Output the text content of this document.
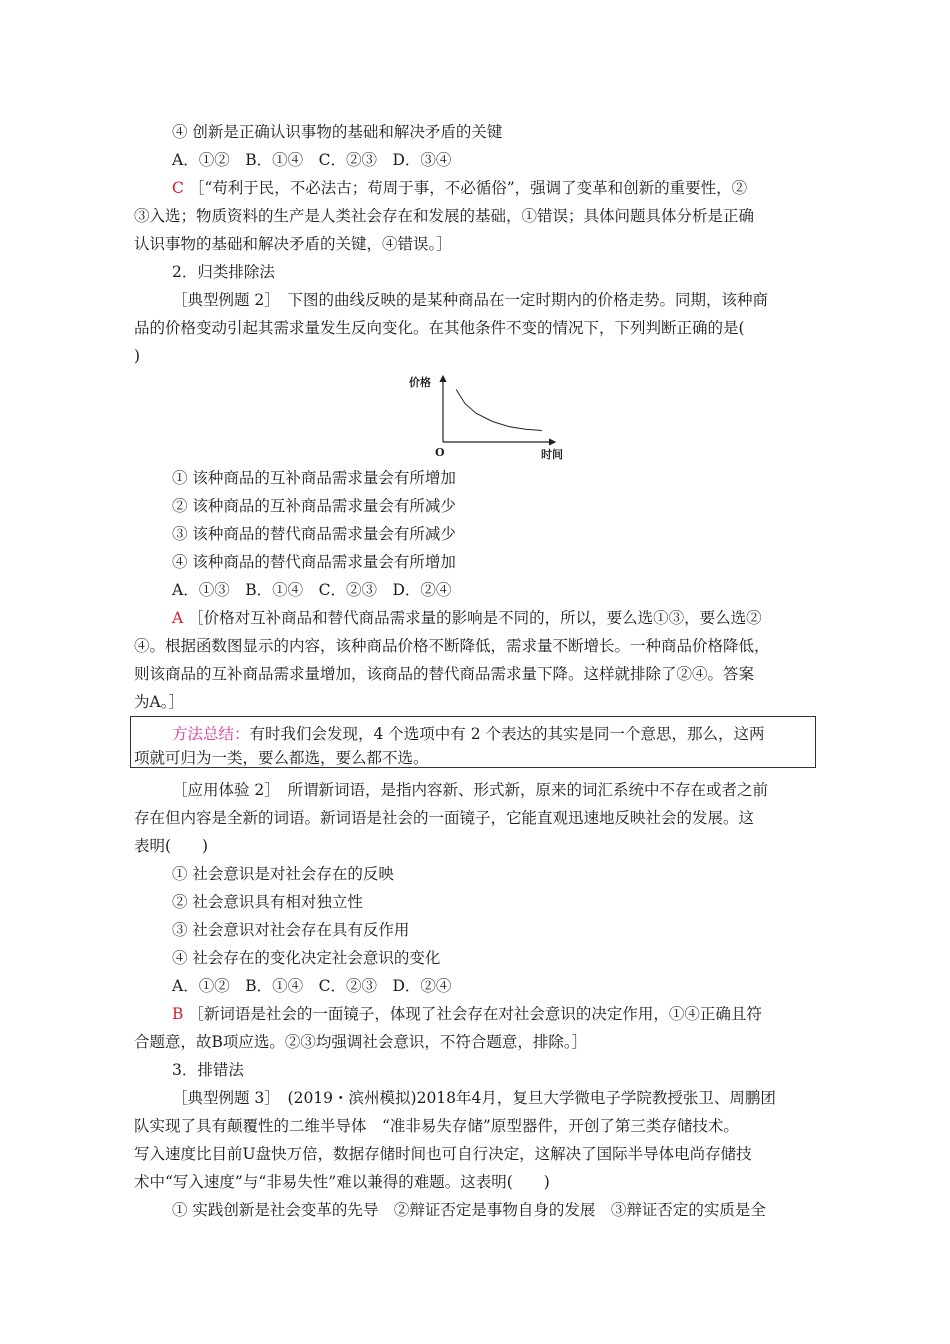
④ 创新是正确认识事物的基础和解决矛盾的关键
A．①②　B．①④　C．②③　D．③④
C ［“苟利于民，不必法古；苟周于事，不必循俗”，强调了变革和创新的重要性，②
③入选；物质资料的生产是人类社会存在和发展的基础，①错误；具体问题具体分析是正确
认识事物的基础和解决矛盾的关键，④错误。］
2．归类排除法
［典型例题 2］　下图的曲线反映的是某种商品在一定时期内的价格走势。同期，该种商
品的价格变动引起其需求量发生反向变化。在其他条件不变的情况下，下列判断正确的是(
)
价格
时间
O
① 该种商品的互补商品需求量会有所增加
② 该种商品的互补商品需求量会有所减少
③ 该种商品的替代商品需求量会有所减少
④ 该种商品的替代商品需求量会有所增加
A．①③　B．①④　C．②③　D．②④
A ［价格对互补商品和替代商品需求量的影响是不同的，所以，要么选①③，要么选②
④。根据函数图显示的内容，该种商品价格不断降低，需求量不断增长。一种商品价格降低，
则该商品的互补商品需求量增加，该商品的替代商品需求量下降。这样就排除了②④。答案
为A。］
方法总结：有时我们会发现，4 个选项中有 2 个表达的其实是同一个意思，那么，这两
项就可归为一类，要么都选，要么都不选。
［应用体验 2］　所谓新词语，是指内容新、形式新，原来的词汇系统中不存在或者之前
存在但内容是全新的词语。新词语是社会的一面镜子，它能直观迅速地反映社会的发展。这
表明(　　)
① 社会意识是对社会存在的反映
② 社会意识具有相对独立性
③ 社会意识对社会存在具有反作用
④ 社会存在的变化决定社会意识的变化
A．①②　B．①④　C．②③　D．②④
B ［新词语是社会的一面镜子，体现了社会存在对社会意识的决定作用，①④正确且符
合题意，故B项应选。②③均强调社会意识，不符合题意，排除。］
3．排错法
［典型例题 3］　(2019・滨州模拟)2018年4月，复旦大学微电子学院教授张卫、周鹏团
队实现了具有颠覆性的二维半导体　“准非易失存储”原型器件，开创了第三类存储技术。
写入速度比目前U盘快万倍，数据存储时间也可自行决定，这解决了国际半导体电尚存储技
术中“写入速度”与“非易失性”难以兼得的难题。这表明(　　)
① 实践创新是社会变革的先导　②辩证否定是事物自身的发展　③辩证否定的实质是全
